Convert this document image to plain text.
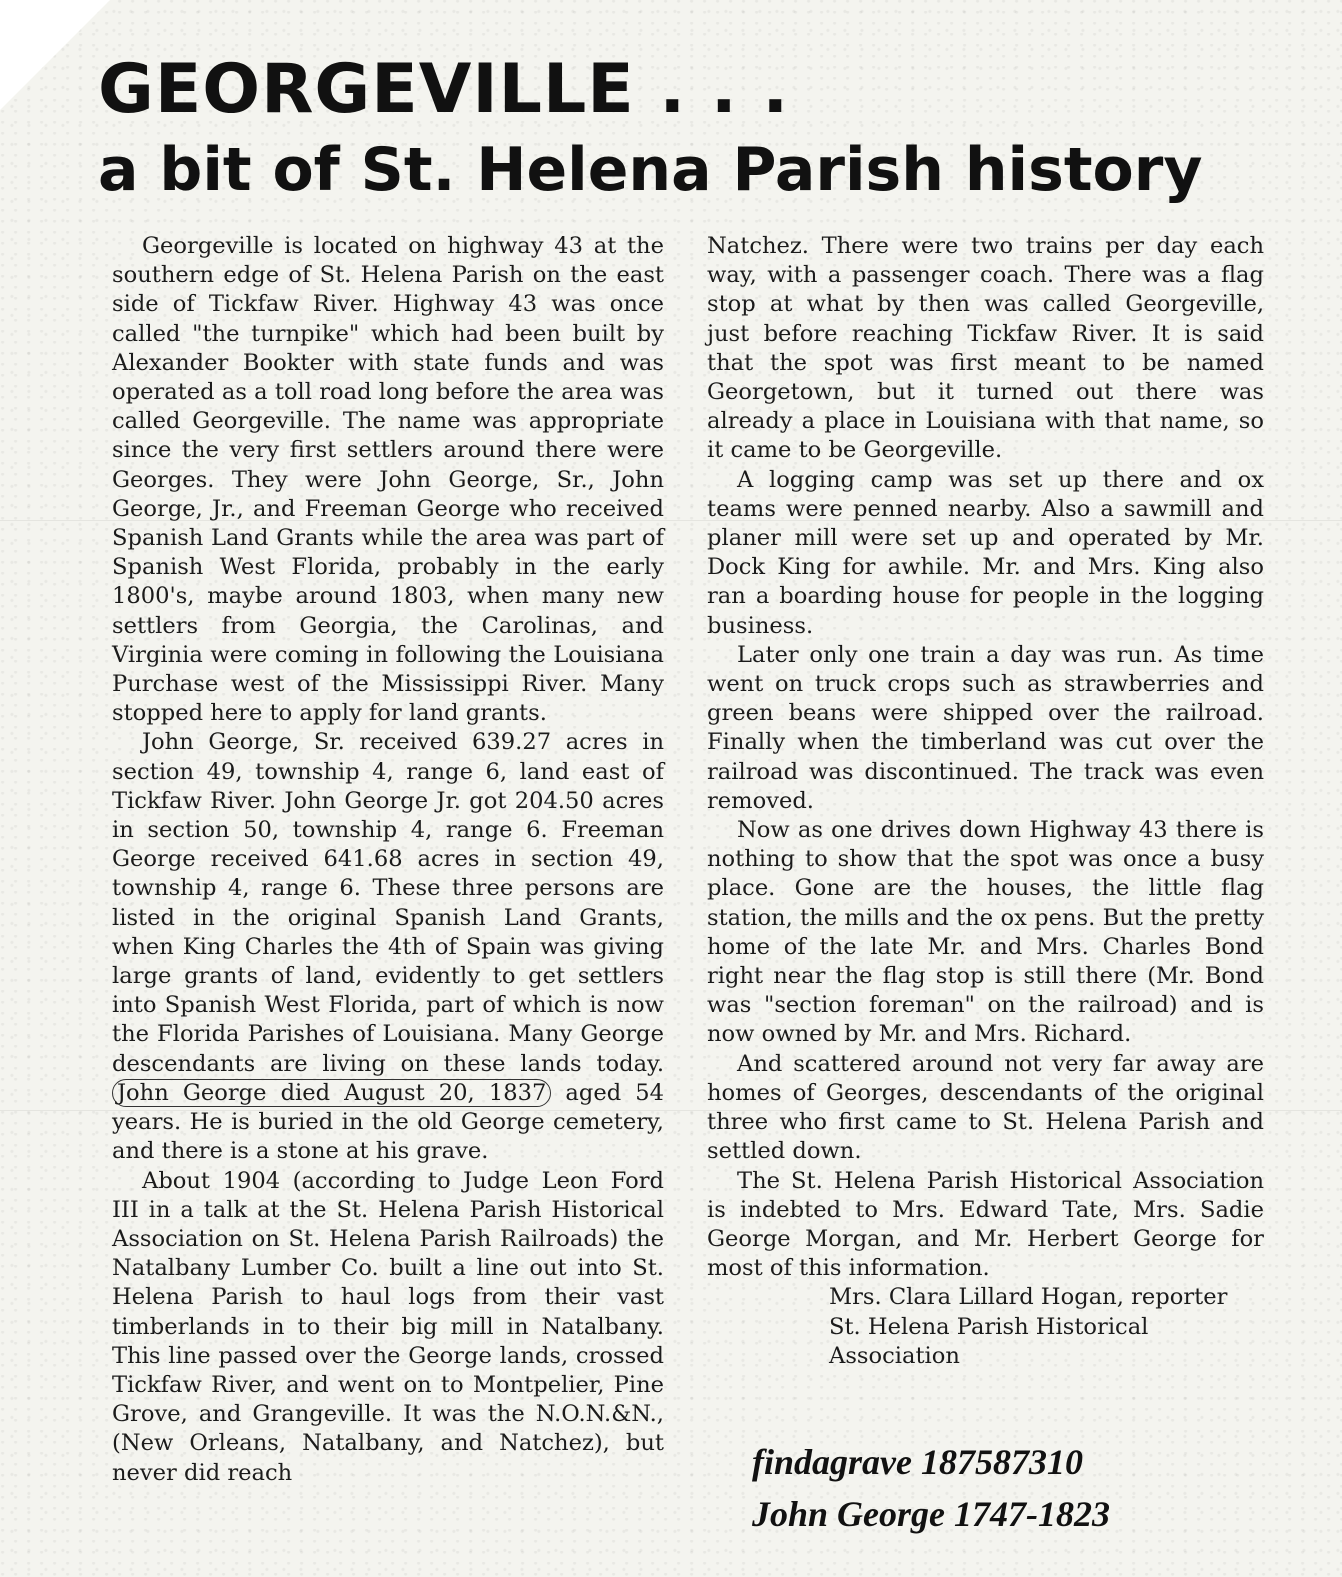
GEORGEVILLE . . .
a bit of St. Helena Parish history

Georgeville is located on highway 43 at the southern edge of St. Helena Parish on the east side of Tickfaw River. Highway 43 was once called "the turnpike" which had been built by Alexander Bookter with state funds and was operated as a toll road long before the area was called Georgeville. The name was appropriate since the very first settlers around there were Georges. They were John George, Sr., John George, Jr., and Freeman George who received Spanish Land Grants while the area was part of Spanish West Florida, probably in the early 1800's, maybe around 1803, when many new settlers from Georgia, the Carolinas, and Virginia were coming in following the Louisiana Purchase west of the Mississippi River. Many stopped here to apply for land grants.

John George, Sr. received 639.27 acres in section 49, township 4, range 6, land east of Tickfaw River. John George Jr. got 204.50 acres in section 50, township 4, range 6. Freeman George received 641.68 acres in section 49, township 4, range 6. These three persons are listed in the original Spanish Land Grants, when King Charles the 4th of Spain was giving large grants of land, evidently to get settlers into Spanish West Florida, part of which is now the Florida Parishes of Louisiana. Many George descendants are living on these lands today. John George died August 20, 1837 aged 54 years. He is buried in the old George cemetery, and there is a stone at his grave.

About 1904 (according to Judge Leon Ford III in a talk at the St. Helena Parish Historical Association on St. Helena Parish Railroads) the Natalbany Lumber Co. built a line out into St. Helena Parish to haul logs from their vast timberlands in to their big mill in Natalbany. This line passed over the George lands, crossed Tickfaw River, and went on to Montpelier, Pine Grove, and Grangeville. It was the N.O.N.&N., (New Orleans, Natalbany, and Natchez), but never did reach

Natchez. There were two trains per day each way, with a passenger coach. There was a flag stop at what by then was called Georgeville, just before reaching Tickfaw River. It is said that the spot was first meant to be named Georgetown, but it turned out there was already a place in Louisiana with that name, so it came to be Georgeville.

A logging camp was set up there and ox teams were penned nearby. Also a sawmill and planer mill were set up and operated by Mr. Dock King for awhile. Mr. and Mrs. King also ran a boarding house for people in the logging business.

Later only one train a day was run. As time went on truck crops such as strawberries and green beans were shipped over the railroad. Finally when the timberland was cut over the railroad was discontinued. The track was even removed.

Now as one drives down Highway 43 there is nothing to show that the spot was once a busy place. Gone are the houses, the little flag station, the mills and the ox pens. But the pretty home of the late Mr. and Mrs. Charles Bond right near the flag stop is still there (Mr. Bond was "section foreman" on the railroad) and is now owned by Mr. and Mrs. Richard.

And scattered around not very far away are homes of Georges, descendants of the original three who first came to St. Helena Parish and settled down.

The St. Helena Parish Historical Association is indebted to Mrs. Edward Tate, Mrs. Sadie George Morgan, and Mr. Herbert George for most of this information.

Mrs. Clara Lillard Hogan, reporter
St. Helena Parish Historical
Association

findagrave 187587310
John George 1747-1823
